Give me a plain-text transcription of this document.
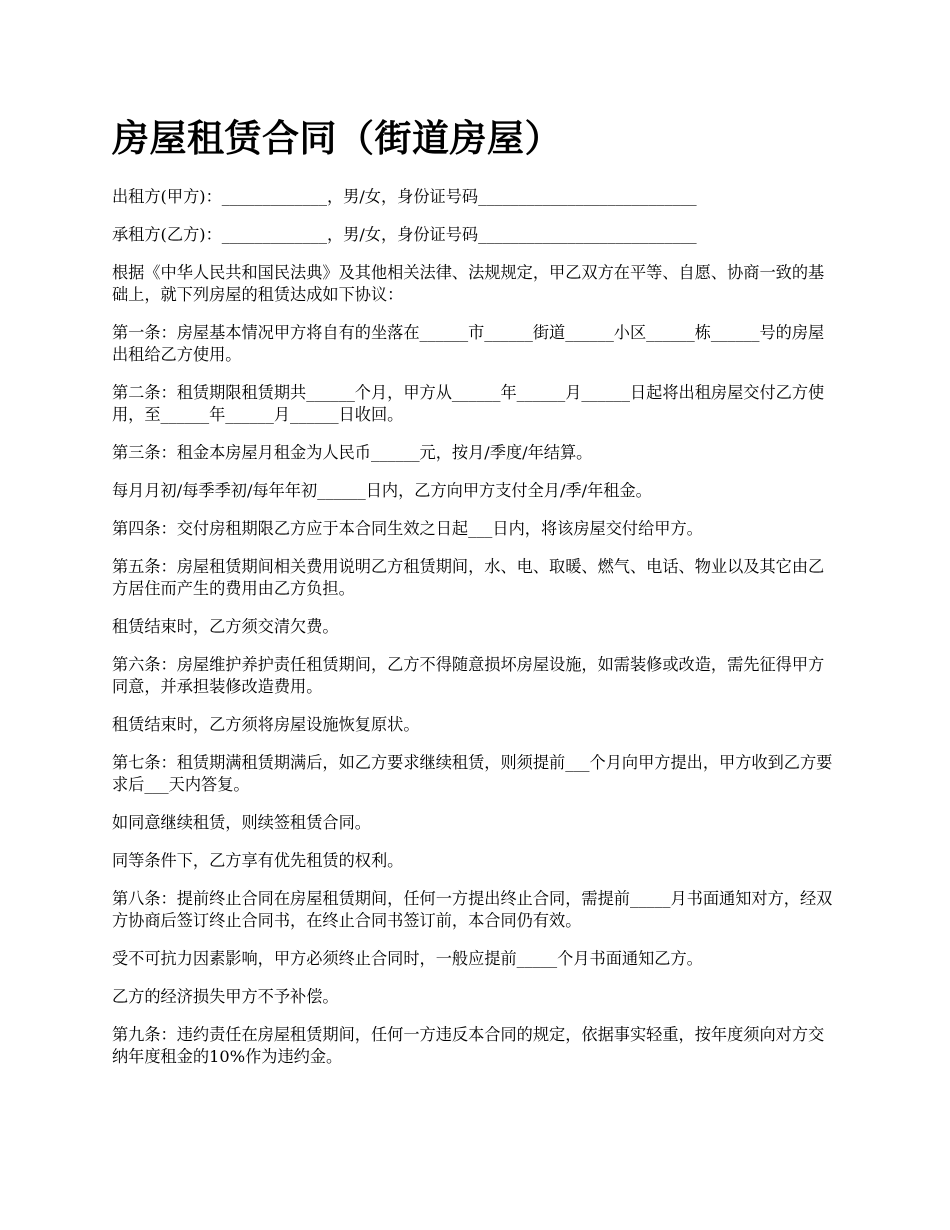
房屋租赁合同（街道房屋）

出租方(甲方)：_____________，男/女，身份证号码___________________________

承租方(乙方)：_____________，男/女，身份证号码___________________________

根据《中华人民共和国民法典》及其他相关法律、法规规定，甲乙双方在平等、自愿、协商一致的基础上，就下列房屋的租赁达成如下协议：

第一条：房屋基本情况甲方将自有的坐落在______市______街道______小区______栋______号的房屋出租给乙方使用。

第二条：租赁期限租赁期共______个月，甲方从______年______月______日起将出租房屋交付乙方使用，至______年______月______日收回。

第三条：租金本房屋月租金为人民币______元，按月/季度/年结算。

每月月初/每季季初/每年年初______日内，乙方向甲方支付全月/季/年租金。

第四条：交付房租期限乙方应于本合同生效之日起___日内，将该房屋交付给甲方。

第五条：房屋租赁期间相关费用说明乙方租赁期间，水、电、取暖、燃气、电话、物业以及其它由乙方居住而产生的费用由乙方负担。

租赁结束时，乙方须交清欠费。

第六条：房屋维护养护责任租赁期间，乙方不得随意损坏房屋设施，如需装修或改造，需先征得甲方同意，并承担装修改造费用。

租赁结束时，乙方须将房屋设施恢复原状。

第七条：租赁期满租赁期满后，如乙方要求继续租赁，则须提前___个月向甲方提出，甲方收到乙方要求后___天内答复。

如同意继续租赁，则续签租赁合同。

同等条件下，乙方享有优先租赁的权利。

第八条：提前终止合同在房屋租赁期间，任何一方提出终止合同，需提前_____月书面通知对方，经双方协商后签订终止合同书，在终止合同书签订前，本合同仍有效。

受不可抗力因素影响，甲方必须终止合同时，一般应提前_____个月书面通知乙方。

乙方的经济损失甲方不予补偿。

第九条：违约责任在房屋租赁期间，任何一方违反本合同的规定，依据事实轻重，按年度须向对方交纳年度租金的10%作为违约金。
